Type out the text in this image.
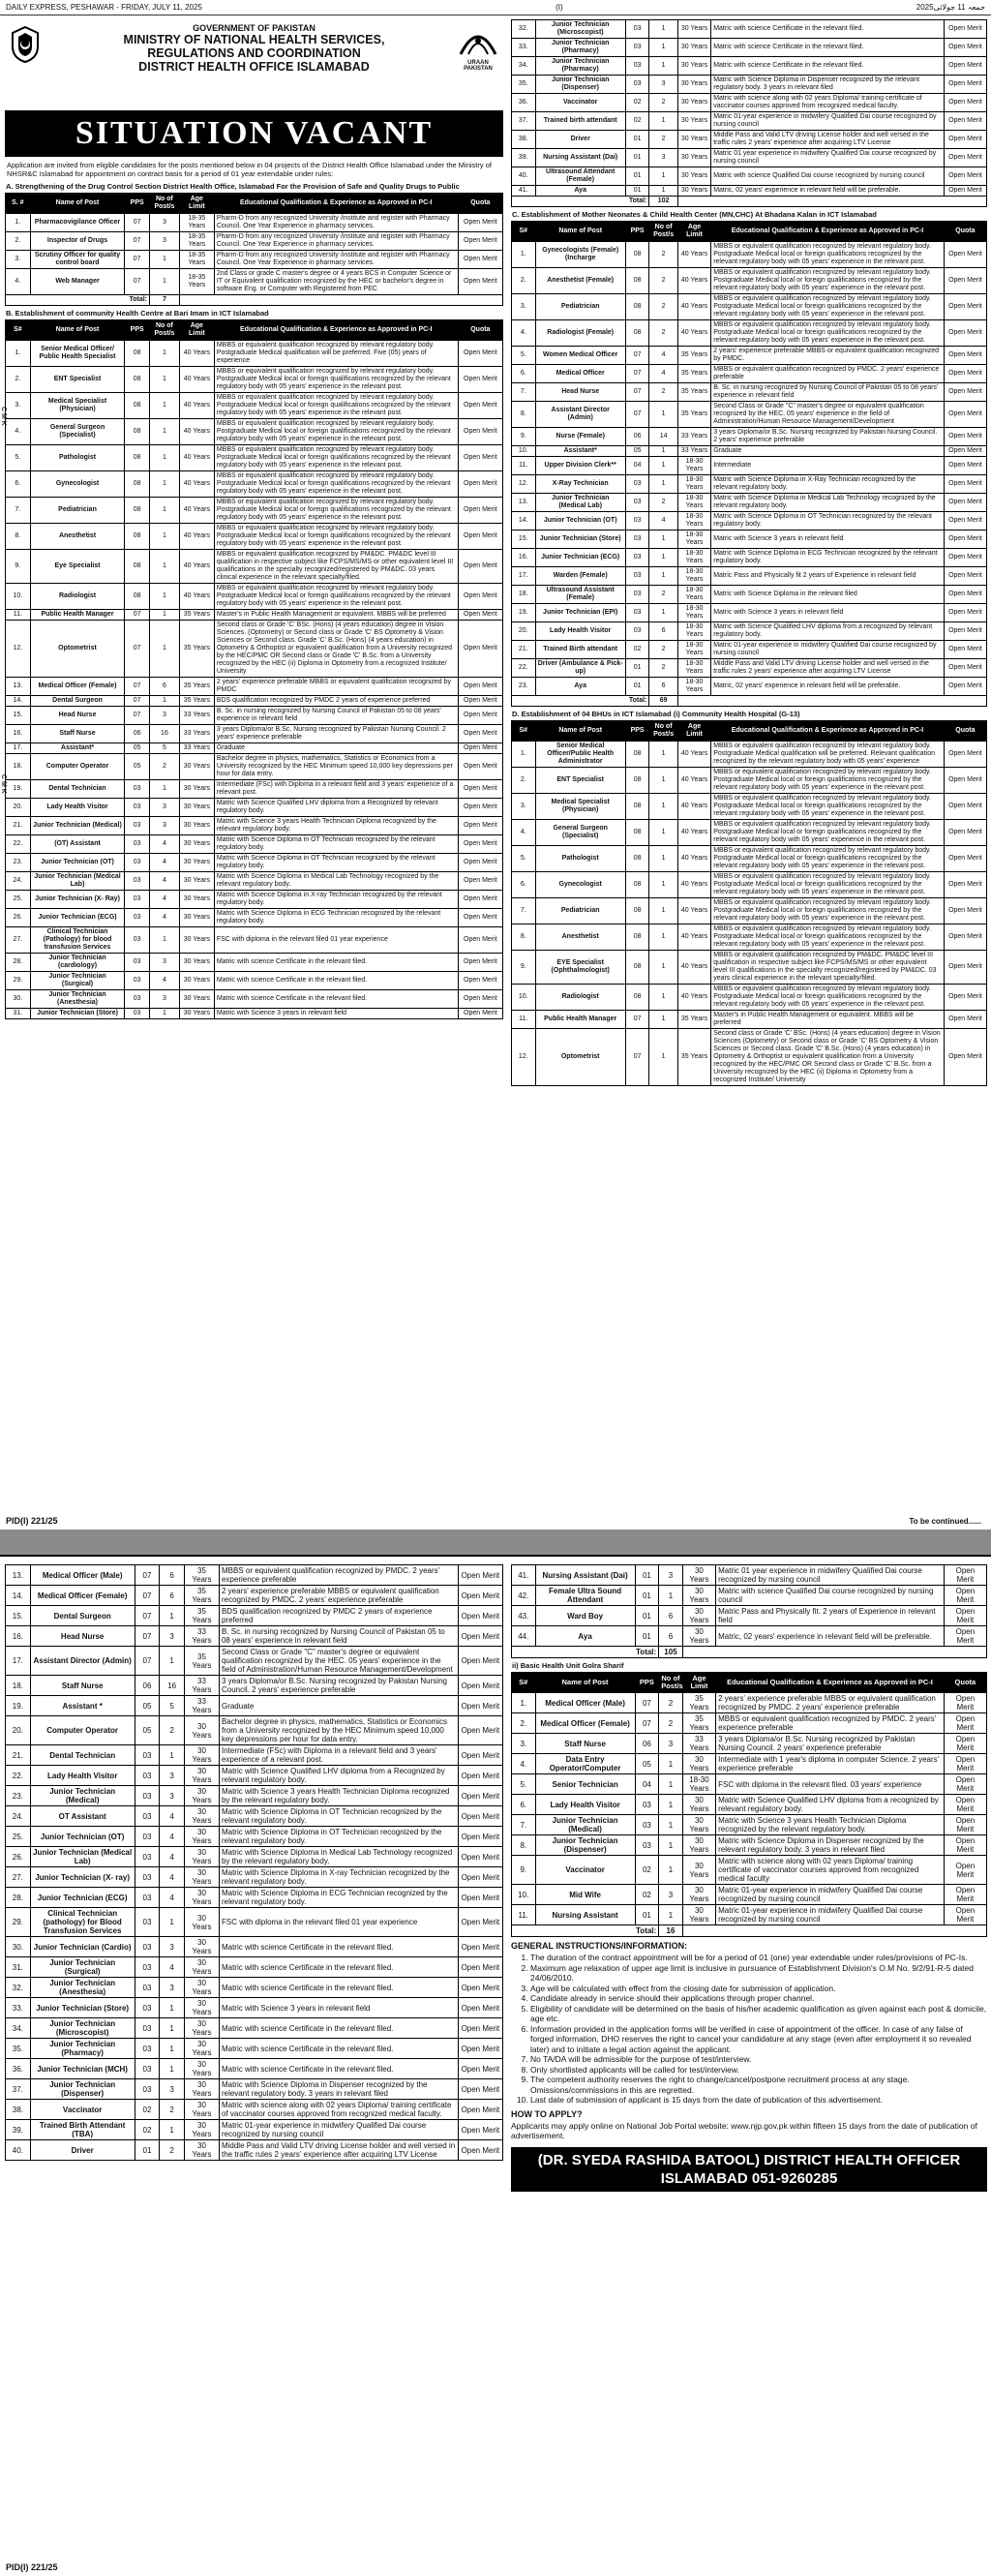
DAILY EXPRESS, PESHAWAR - FRIDAY, JULY 11, 2025	(I)	2025جمعہ 11 جولائی
C M K
C M K
GOVERNMENT OF PAKISTAN
MINISTRY OF NATIONAL HEALTH SERVICES,
REGULATIONS AND COORDINATION
DISTRICT HEALTH OFFICE ISLAMABAD	URAAN PAKISTAN
SITUATION VACANT

Application are invited from eligible candidates for the posts mentioned below in 04 projects of the District Health Office Islamabad under the Ministry of NHSR&C Islamabad for appointment on contract basis for a period of 01 year extendable under rules:

A. Strengthening of the Drug Control Section District Health Office, Islamabad For the Provision of Safe and Quality Drugs to Public
S. #	Name of Post	PPS	No of Post/s	Age Limit	Educational Qualification & Experience as Approved in PC-I	Quota
1.	Pharmacovigilance Officer	07	3	18-35 Years	Pharm-D from any recognized University /institute and register with Pharmacy Council. One Year Experience in pharmacy services.	Open Merit
2.	Inspector of Drugs	07	3	18-35 Years	Pharm-D from any recognized University /institute and register with Pharmacy Council. One Year Experience in pharmacy services.	Open Merit
3.	Scrutiny Officer for quality control board	07	1	18-35 Years	Pharm-D from any recognized University /institute and register with Pharmacy Council. One Year Experience in pharmacy services.	Open Merit
4.	Web Manager	07	1	18-35 Years	2nd Class or grade C master's degree or 4 years BCS in Computer Science or IT or Equivalent qualification recognized by the HEC or bachelor's degree in software Eng. or Computer with Registered from PEC	Open Merit
Total:			7			
B. Establishment of community Health Centre at Bari Imam in ICT Islamabad
S#	Name of Post	PPS	No of Post/s	Age Limit	Educational Qualification & Experience as Approved in PC-I	Quota
1.	Senior Medical Officer/ Public Health Specialist	08	1	40 Years	MBBS or equivalent qualification recognized by relevant regulatory body. Postgraduate Medical qualification will be preferred. Five (05) years of experience	Open Merit
2.	ENT Specialist	08	1	40 Years	MBBS or equivalent qualification recognized by relevant regulatory body. Postgraduate Medical local or foreign qualifications recognized by the relevant regulatory body with 05 years' experience in the relevant post.	Open Merit
3.	Medical Specialist (Physician)	08	1	40 Years	MBBS or equivalent qualification recognized by relevant regulatory body. Postgraduate Medical local or foreign qualifications recognized by the relevant regulatory body with 05 years' experience in the relevant post.	Open Merit
4.	General Surgeon (Specialist)	08	1	40 Years	MBBS or equivalent qualification recognized by relevant regulatory body. Postgraduate Medical local or foreign qualifications recognized by the relevant regulatory body with 05 years' experience in the relevant post.	Open Merit
5.	Pathologist	08	1	40 Years	MBBS or equivalent qualification recognized by relevant regulatory body. Postgraduate Medical local or foreign qualifications recognized by the relevant regulatory body with 05 years' experience in the relevant post.	Open Merit
6.	Gynecologist	08	1	40 Years	MBBS or equivalent qualification recognized by relevant regulatory body. Postgraduate Medical local or foreign qualifications recognized by the relevant regulatory body with 05 years' experience in the relevant post.	Open Merit
7.	Pediatrician	08	1	40 Years	MBBS or equivalent qualification recognized by relevant regulatory body. Postgraduate Medical local or foreign qualifications recognized by the relevant regulatory body with 05 years' experience in the relevant post.	Open Merit
8.	Anesthetist	08	1	40 Years	MBBS or equivalent qualification recognized by relevant regulatory body. Postgraduate Medical local or foreign qualifications recognized by the relevant regulatory body with 05 years' experience in the relevant post.	Open Merit
9.	Eye Specialist	08	1	40 Years	MBBS or equivalent qualification recognized by PM&DC. PM&DC level III qualification in respective subject like FCPS/MS/MS or other equivalent level III qualifications in the specialty recognized/registered by PM&DC. 03 years clinical experience in the relevant specialty/filed.	Open Merit
10.	Radiologist	08	1	40 Years	MBBS or equivalent qualification recognized by relevant regulatory body. Postgraduate Medical local or foreign qualifications recognized by the relevant regulatory body with 05 years' experience in the relevant post.	Open Merit
11.	Public Health Manager	07	1	35 Years	Master's in Public Health Management or equivalent. MBBS will be preferred	Open Merit
12.	Optometrist	07	1	35 Years	Second class or Grade 'C' BSc. (Hons) (4 years education) degree in Vision Sciences. (Optometry) or Second class or Grade 'C' BS Optometry & Vision Sciences or Second class. Grade 'C' B.Sc. (Hons) (4 years education) in Optometry & Orthoptist or equivalent qualification from a University recognized by the HEC/PMC OR Second class or Grade 'C' B.Sc. from a University recognized by the HEC (ii) Diploma in Optometry from a recognized Institute/ University	Open Merit
13.	Medical Officer (Female)	07	6	35 Years	2 years' experience preferable MBBS or equivalent qualification recognized by PMDC	Open Merit
14.	Dental Surgeon	07	1	35 Years	BDS qualification recognized by PMDC 2 years of experience preferred	Open Merit
15.	Head Nurse	07	3	33 Years	B. Sc. in nursing recognized by Nursing Council of Pakistan 05 to 08 years' experience in relevant field	Open Merit
16.	Staff Nurse	06	16	33 Years	3 years Diploma/or B.Sc. Nursing recognized by Pakistan Nursing Council. 2 years' experience preferable	Open Merit
17.	Assistant*	05	5	33 Years	Graduate	Open Merit
18.	Computer Operator	05	2	30 Years	Bachelor degree in physics, mathematics, Statistics or Economics from a University recognized by the HEC Minimum speed 10,000 key depressions per hour for data entry.	Open Merit
19.	Dental Technician	03	1	30 Years	Intermediate (FSc) with Diploma in a relevant field and 3 years' experience of a relevant post.	Open Merit
20.	Lady Health Visitor	03	3	30 Years	Matric with Science Qualified LHV diploma from a Recognized by relevant regulatory body.	Open Merit
21.	Junior Technician (Medical)	03	3	30 Years	Matric with Science 3 years Health Technician Diploma recognized by the relevant regulatory body.	Open Merit
22.	(OT) Assistant	03	4	30 Years	Matric with Science Diploma in OT Technician recognized by the relevant regulatory body.	Open Merit
23.	Junior Technician (OT)	03	4	30 Years	Matric with Science Diploma in OT Technician recognized by the relevant regulatory body.	Open Merit
24.	Junior Technician (Medical Lab)	03	4	30 Years	Matric with Science Diploma in Medical Lab Technology recognized by the relevant regulatory body.	Open Merit
25.	Junior Technician (X- Ray)	03	4	30 Years	Matric with Science Diploma in X-ray Technician recognized by the relevant regulatory body.	Open Merit
26.	Junior Technician (ECG)	03	4	30 Years	Matric with Science Diploma in ECG Technician recognized by the relevant regulatory body.	Open Merit
27.	Clinical Technician (Pathology) for blood transfusion Services	03	1	30 Years	FSC with diploma in the relevant filed 01 year experience	Open Merit
28.	Junior Technician (cardiology)	03	3	30 Years	Matric with science Certificate in the relevant filed.	Open Merit
29.	Junior Technician (Surgical)	03	4	30 Years	Matric with science Certificate in the relevant filed.	Open Merit
30.	Junior Technician (Anesthesia)	03	3	30 Years	Matric with science Certificate in the relevant filed.	Open Merit
31.	Junior Technician (Store)	03	1	30 Years	Matric with Science 3 years in relevant field	Open Merit
32.	Junior Technician (Microscopist)	03	1	30 Years	Matric with science Certificate in the relevant filed.	Open Merit
33.	Junior Technician (Pharmacy)	03	1	30 Years	Matric with science Certificate in the relevant filed.	Open Merit
34.	Junior Technician (Pharmacy)	03	1	30 Years	Matric with science Certificate in the relevant filed.	Open Merit
35.	Junior Technician (Dispenser)	03	3	30 Years	Matric with Science Diploma in Dispenser recognized by the relevant regulatory body. 3 years in relevant filed	Open Merit
36.	Vaccinator	02	2	30 Years	Matric with science along with 02 years Diploma/ training certificate of vaccinator courses approved from recognized medical faculty.	Open Merit
37.	Trained birth attendant	02	1	30 Years	Matric 01-year experience in midwifery Qualified Dai course recognized by nursing council	Open Merit
38.	Driver	01	2	30 Years	Middle Pass and Valid LTV driving License holder and well versed in the traffic rules 2 years' experience after acquiring LTV License	Open Merit
39.	Nursing Assistant (Dai)	01	3	30 Years	Matric 01 year experience in midwifery Qualified Dai course recognized by nursing council	Open Merit
40.	Ultrasound Attendant (Female)	01	1	30 Years	Matric with science Qualified Dai course recognized by nursing council	Open Merit
41.	Aya	01	1	30 Years	Matric, 02 years' experience in relevant field will be preferable.	Open Merit
Total:			102			
C. Establishment of Mother Neonates & Child Health Center (MN,CHC) At Bhadana Kalan in ICT Islamabad
S#	Name of Post	PPS	No of Post/s	Age Limit	Educational Qualification & Experience as Approved in PC-I	Quota
1.	Gynecologists (Female) (Incharge	08	2	40 Years	MBBS or equivalent qualification recognized by relevant regulatory body. Postgraduate Medical local or foreign qualifications recognized by the relevant regulatory body with 05 years' experience in the relevant post.	Open Merit
2.	Anesthetist (Female)	08	2	40 Years	MBBS or equivalent qualification recognized by relevant regulatory body. Postgraduate Medical local or foreign qualifications recognized by the relevant regulatory body with 05 years' experience in the relevant post.	Open Merit
3.	Pediatrician	08	2	40 Years	MBBS or equivalent qualification recognized by relevant regulatory body. Postgraduate Medical local or foreign qualifications recognized by the relevant regulatory body with 05 years' experience in the relevant post.	Open Merit
4.	Radiologist (Female)	08	2	40 Years	MBBS or equivalent qualification recognized by relevant regulatory body. Postgraduate Medical local or foreign qualifications recognized by the relevant regulatory body with 05 years' experience in the relevant post.	Open Merit
5.	Women Medical Officer	07	4	35 Years	2 years' experience preferable MBBS or equivalent qualification recognized by PMDC.	Open Merit
6.	Medical Officer	07	4	35 Years	MBBS or equivalent qualification recognized by PMDC. 2 years' experience preferable	Open Merit
7.	Head Nurse	07	2	35 Years	B. Sc. in nursing recognized by Nursing Council of Pakistan 05 to 08 years' experience in relevant field	Open Merit
8.	Assistant Director (Admin)	07	1	35 Years	Second Class or Grade "C" master's degree or equivalent qualification recognized by the HEC. 05 years' experience in the field of Administration/Human Resource Management/Development	Open Merit
9.	Nurse (Female)	06	14	33 Years	3 years Diploma/or B.Sc. Nursing recognized by Pakistan Nursing Council. 2 years' experience preferable	Open Merit
10.	Assistant*	05	1	33 Years	Graduate	Open Merit
11.	Upper Division Clerk**	04	1	18-30 Years	Intermediate	Open Merit
12.	X-Ray Technician	03	1	18-30 Years	Matric with Science Diploma in X-Ray Technician recognized by the relevant regulatory body.	Open Merit
13.	Junior Technician (Medical Lab)	03	2	18-30 Years	Matric with Science Diploma in Medical Lab Technology recognized by the relevant regulatory body.	Open Merit
14.	Junior Technician (OT)	03	4	18-30 Years	Matric with Science Diploma in OT Technician recognized by the relevant regulatory body.	Open Merit
15.	Junior Technician (Store)	03	1	18-30 Years	Matric with Science 3 years in relevant field	Open Merit
16.	Junior Technician (ECG)	03	1	18-30 Years	Matric with Science Diploma in ECG Technician recognized by the relevant regulatory body.	Open Merit
17.	Warden (Female)	03	1	18-30 Years	Matric Pass and Physically fit 2 years of Experience in relevant field	Open Merit
18.	Ultrasound Assistant (Female)	03	2	18-30 Years	Matric with Science Diploma in the relevant filed	Open Merit
19.	Junior Technician (EPI)	03	1	18-30 Years	Matric with Science 3 years in relevant field	Open Merit
20.	Lady Health Visitor	03	6	18-30 Years	Matric with Science Qualified LHV diploma from a recognized by relevant regulatory body.	Open Merit
21.	Trained Birth attendant	02	2	18-30 Years	Matric 01-year experience in midwifery Qualified Dai course recognized by nursing council	Open Merit
22.	Driver (Ambulance & Pick-up)	01	2	18-30 Years	Middle Pass and Valid LTV driving License holder and well versed in the traffic rules 2 years' experience after acquiring LTV License	Open Merit
23.	Aya	01	6	18-30 Years	Matric, 02 years' experience in relevant field will be preferable.	Open Merit
Total:			69			
D. Establishment of 04 BHUs in ICT Islamabad (i) Community Health Hospital (G-13)
S#	Name of Post	PPS	No of Post/s	Age Limit	Educational Qualification & Experience as Approved in PC-I	Quota
1.	Senior Medical Officer/Public Health Administrator	08	1	40 Years	MBBS or equivalent qualification recognized by relevant regulatory body. Postgraduate Medical qualification will be preferred. Relevant qualification recognized by the relevant regulatory body with 05 years' experience	Open Merit
2.	ENT Specialist	08	1	40 Years	MBBS or equivalent qualification recognized by relevant regulatory body. Postgraduate Medical local or foreign qualifications recognized by the relevant regulatory body with 05 years' experience in the relevant post.	Open Merit
3.	Medical Specialist (Physician)	08	1	40 Years	MBBS or equivalent qualification recognized by relevant regulatory body. Postgraduate Medical local or foreign qualifications recognized by the relevant regulatory body with 05 years' experience in the relevant post.	Open Merit
4.	General Surgeon (Specialist)	08	1	40 Years	MBBS or equivalent qualification recognized by relevant regulatory body. Postgraduate Medical local or foreign qualifications recognized by the relevant regulatory body with 05 years' experience in the relevant post.	Open Merit
5.	Pathologist	08	1	40 Years	MBBS or equivalent qualification recognized by relevant regulatory body. Postgraduate Medical local or foreign qualifications recognized by the relevant regulatory body with 05 years' experience in the relevant post.	Open Merit
6.	Gynecologist	08	1	40 Years	MBBS or equivalent qualification recognized by relevant regulatory body. Postgraduate Medical local or foreign qualifications recognized by the relevant regulatory body with 05 years' experience in the relevant post.	Open Merit
7.	Pediatrician	08	1	40 Years	MBBS or equivalent qualification recognized by relevant regulatory body. Postgraduate Medical local or foreign qualifications recognized by the relevant regulatory body with 05 years' experience in the relevant post.	Open Merit
8.	Anesthetist	08	1	40 Years	MBBS or equivalent qualification recognized by relevant regulatory body. Postgraduate Medical local or foreign qualifications recognized by the relevant regulatory body with 05 years' experience in the relevant post.	Open Merit
9.	EYE Specialist (Ophthalmologist)	08	1	40 Years	MBBS or equivalent qualification recognized by PM&DC. PM&DC level III qualification in respective subject like FCPS/MS/MS or other equivalent level III qualifications in the specialty recognized/registered by PM&DC. 03 years clinical experience in the relevant specialty/filed.	Open Merit
10.	Radiologist	08	1	40 Years	MBBS or equivalent qualification recognized by relevant regulatory body. Postgraduate Medical local or foreign qualifications recognized by the relevant regulatory body with 05 years' experience in the relevant post.	Open Merit
11.	Public Health Manager	07	1	35 Years	Master's in Public Health Management or equivalent. MBBS will be preferred	Open Merit
12.	Optometrist	07	1	35 Years	Second class or Grade 'C' BSc. (Hons) (4 years education) degree in Vision Sciences (Optometry) or Second class or Grade 'C' BS Optometry & Vision Sciences or Second class. Grade 'C' B.Sc. (Hons) (4 years education) in Optometry & Orthoptist or equivalent qualification from a University recognized by the HEC/PMC OR Second class or Grade 'C' B.Sc. from a University recognized by the HEC (ii) Diploma in Optometry from a recognized Institute/ University	Open Merit
PID(I) 221/25	To be continued......
13.	Medical Officer (Male)	07	6	35 Years	MBBS or equivalent qualification recognized by PMDC. 2 years' experience preferable	Open Merit
14.	Medical Officer (Female)	07	6	35 Years	2 years' experience preferable MBBS or equivalent qualification recognized by PMDC. 2 years' experience preferable	Open Merit
15.	Dental Surgeon	07	1	35 Years	BDS qualification recognized by PMDC 2 years of experience preferred	Open Merit
16.	Head Nurse	07	3	33 Years	B. Sc. in nursing recognized by Nursing Council of Pakistan 05 to 08 years' experience in relevant field	Open Merit
17.	Assistant Director (Admin)	07	1	35 Years	Second Class or Grade "C" master's degree or equivalent qualification recognized by the HEC. 05 years' experience in the field of Administration/Human Resource Management/Development	Open Merit
18.	Staff Nurse	06	16	33 Years	3 years Diploma/or B.Sc. Nursing recognized by Pakistan Nursing Council. 2 years' experience preferable	Open Merit
19.	Assistant *	05	5	33 Years	Graduate	Open Merit
20.	Computer Operator	05	2	30 Years	Bachelor degree in physics, mathematics, Statistics or Economics from a University recognized by the HEC Minimum speed 10,000 key depressions per hour for data entry.	Open Merit
21.	Dental Technician	03	1	30 Years	Intermediate (FSc) with Diploma in a relevant field and 3 years' experience of a relevant post.	Open Merit
22.	Lady Health Visitor	03	3	30 Years	Matric with Science Qualified LHV diploma from a Recognized by relevant regulatory body.	Open Merit
23.	Junior Technician (Medical)	03	3	30 Years	Matric with Science 3 years Health Technician Diploma recognized by the relevant regulatory body.	Open Merit
24.	OT Assistant	03	4	30 Years	Matric with Science Diploma in OT Technician recognized by the relevant regulatory body.	Open Merit
25.	Junior Technician (OT)	03	4	30 Years	Matric with Science Diploma in OT Technician recognized by the relevant regulatory body.	Open Merit
26.	Junior Technician (Medical Lab)	03	4	30 Years	Matric with Science Diploma in Medical Lab Technology recognized by the relevant regulatory body.	Open Merit
27.	Junior Technician (X- ray)	03	4	30 Years	Matric with Science Diploma in X-ray Technician recognized by the relevant regulatory body.	Open Merit
28.	Junior Technician (ECG)	03	4	30 Years	Matric with Science Diploma in ECG Technician recognized by the relevant regulatory body.	Open Merit
29.	Clinical Technician (pathology) for Blood Transfusion Services	03	1	30 Years	FSC with diploma in the relevant filed 01 year experience	Open Merit
30.	Junior Technician (Cardio)	03	3	30 Years	Matric with science Certificate in the relevant filed.	Open Merit
31.	Junior Technician (Surgical)	03	4	30 Years	Matric with science Certificate in the relevant filed.	Open Merit
32.	Junior Technician (Anesthesia)	03	3	30 Years	Matric with science Certificate in the relevant filed.	Open Merit
33.	Junior Technician (Store)	03	1	30 Years	Matric with Science 3 years in relevant field	Open Merit
34.	Junior Technician (Microscopist)	03	1	30 Years	Matric with science Certificate in the relevant filed.	Open Merit
35.	Junior Technician (Pharmacy)	03	1	30 Years	Matric with science Certificate in the relevant filed.	Open Merit
36.	Junior Technician (MCH)	03	1	30 Years	Matric with science Certificate in the relevant filed.	Open Merit
37.	Junior Technician (Dispenser)	03	3	30 Years	Matric with Science Diploma in Dispenser recognized by the relevant regulatory body. 3 years in relevant filed	Open Merit
38.	Vaccinator	02	2	30 Years	Matric with science along with 02 years Diploma/ training certificate of vaccinator courses approved from recognized medical faculty.	Open Merit
39.	Trained Birth Attendant (TBA)	02	1	30 Years	Matric 01-year experience in midwifery Qualified Dai course recognized by nursing council	Open Merit
40.	Driver	01	2	30 Years	Middle Pass and Valid LTV driving License holder and well versed in the traffic rules 2 years' experience after acquiring LTV License	Open Merit
41.	Nursing Assistant (Dai)	01	3	30 Years	Matric 01 year experience in midwifery Qualified Dai course recognized by nursing council	Open Merit
42.	Female Ultra Sound Attendant	01	1	30 Years	Matric with science Qualified Dai course recognized by nursing council	Open Merit
43.	Ward Boy	01	6	30 Years	Matric Pass and Physically fit. 2 years of Experience in relevant field	Open Merit
44.	Aya	01	6	30 Years	Matric, 02 years' experience in relevant field will be preferable.	Open Merit
Total:			105			
ii) Basic Health Unit Golra Sharif
S#	Name of Post	PPS	No of Post/s	Age Limit	Educational Qualification & Experience as Approved in PC-I	Quota
1.	Medical Officer (Male)	07	2	35 Years	2 years' experience preferable MBBS or equivalent qualification recognized by PMDC. 2 years' experience preferable	Open Merit
2.	Medical Officer (Female)	07	2	35 Years	MBBS or equivalent qualification recognized by PMDC. 2 years' experience preferable	Open Merit
3.	Staff Nurse	06	3	33 Years	3 years Diploma/or B.Sc. Nursing recognized by Pakistan Nursing Council. 2 years' experience preferable	Open Merit
4.	Data Entry Operator/Computer	05	1	30 Years	Intermediate with 1 year's diploma in computer Science. 2 years' experience preferable	Open Merit
5.	Senior Technician	04	1	18-30 Years	FSC with diploma in the relevant filed. 03 years' experience	Open Merit
6.	Lady Health Visitor	03	1	30 Years	Matric with Science Qualified LHV diploma from a recognized by relevant regulatory body.	Open Merit
7.	Junior Technician (Medical)	03	1	30 Years	Matric with Science 3 years Health Technician Diploma recognized by the relevant regulatory body.	Open Merit
8.	Junior Technician (Dispenser)	03	1	30 Years	Matric with Science Diploma in Dispenser recognized by the relevant regulatory body. 3 years in relevant filed	Open Merit
9.	Vaccinator	02	1	30 Years	Matric with science along with 02 years Diploma/ training certificate of vaccinator courses approved from recognized medical faculty	Open Merit
10.	Mid Wife	02	3	30 Years	Matric 01-year experience in midwifery Qualified Dai course recognized by nursing council	Open Merit
11.	Nursing Assistant	01	1	30 Years	Matric 01-year experience in midwifery Qualified Dai course recognized by nursing council	Open Merit
Total:			16			
GENERAL INSTRUCTIONS/INFORMATION:
1. The duration of the contract appointment will be for a period of 01 (one) year extendable under rules/provisions of PC-Is.
2. Maximum age relaxation of upper age limit is inclusive in pursuance of Establishment Division's O.M No. 9/2/91-R-5 dated 24/06/2010.
3. Age will be calculated with effect from the closing date for submission of application.
4. Candidate already in service should their applications through proper channel.
5. Eligibility of candidate will be determined on the basis of his/her academic qualification as given against each post & domicile, age etc.
6. Information provided in the application forms will be verified in case of appointment of the officer. In case of any false of forged information, DHO reserves the right to cancel your candidature at any stage (even after employment it so revealed later) and to initiate a legal action against the applicant.
7. No TA/DA will be admissible for the purpose of test/interview.
8. Only shortlisted applicants will be called for test/interview.
9. The competent authority reserves the right to change/cancel/postpone recruitment process at any stage. Omissions/commissions in this are regretted.
10. Last date of submission of applicant is 15 days from the date of publication of this advertisement.
HOW TO APPLY?

Applicants may apply online on National Job Portal website: www.njp.gov.pk within fifteen 15 days from the date of publication of advertisement.

(DR. SYEDA RASHIDA BATOOL) DISTRICT HEALTH OFFICER
ISLAMABAD 051-9260285
PID(I) 221/25
